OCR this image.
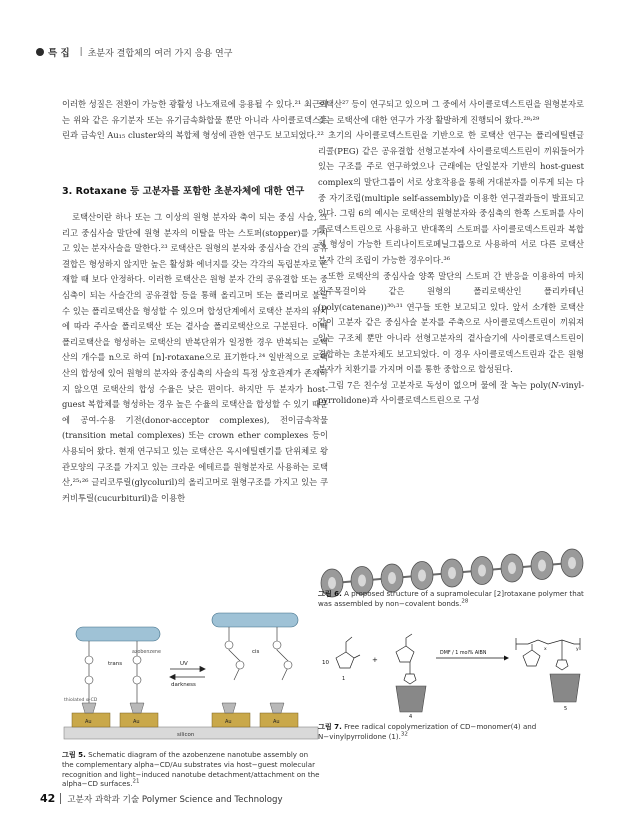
특 집 | 초분자 결합체의 여러 가지 응용 연구

이러한 성질은 전환이 가능한 광활성 나노재료에 응용될 수 있다.²¹ 최근에는 위와 같은 유기분자 또는 유기금속화합물 뿐만 아니라 사이클로덱스트린과 금속인 Au₁₅ cluster와의 복합체 형성에 관한 연구도 보고되었다.²²

3. Rotaxane 등 고분자를 포함한 초분자체에 대한 연구

로택산이란 하나 또는 그 이상의 원형 분자와 축이 되는 중심 사슬, 그리고 중심사슬 말단에 원형 분자의 이탈을 막는 스토퍼(stopper)를 가지고 있는 분자사슬을 말한다.²³ 로택산은 원형의 분자와 중심사슬 간의 공유결합은 형성하지 않지만 높은 활성화 에너지를 갖는 각각의 독립분자로 존재할 때 보다 안정하다. 이러한 로택산은 원형 분자 간의 공유결합 또는 중심축이 되는 사슬간의 공유결합 등을 통해 올리고머 또는 폴리머로 불릴 수 있는 폴리로택산을 형성할 수 있으며 합성단계에서 로택산 분자의 위치에 따라 주사슬 폴리로택산 또는 곁사슬 폴리로택산으로 구분된다. 이때 폴리로택산을 형성하는 로택산의 반복단위가 일정한 경우 반복되는 로택산의 개수를 n으로 하여 [n]-rotaxane으로 표기한다.²⁴ 일반적으로 로택산의 합성에 있어 원형의 분자와 중심축의 사슬의 특정 상호관계가 존재하지 않으면 로택산의 합성 수율은 낮은 편이다. 하지만 두 분자가 host-guest 복합체를 형성하는 경우 높은 수율의 로택산을 합성할 수 있기 때문에 공여-수용 기전(donor-acceptor complexes), 전이금속착물(transition metal complexes) 또는 crown ether complexes 등이 사용되어 왔다. 현재 연구되고 있는 로택산은 옥시에틸렌기를 단위체로 왕관모양의 구조를 가지고 있는 크라운 에테르를 원형분자로 사용하는 로택산,²⁵˒²⁶ 글리코루릴(glycoluril)의 올리고머로 원형구조를 가지고 있는 쿠커비투릴(cucurbituril)을 이용한

로택산²⁷ 등이 연구되고 있으며 그 중에서 사이클로덱스트린을 원형분자로 갖는 로택산에 대한 연구가 가장 활발하게 진행되어 왔다.²⁸˒²⁹

초기의 사이클로덱스트린을 기반으로 한 로택산 연구는 폴리에틸렌글리콜(PEG) 같은 공유결합 선형고분자에 사이클로덱스트린이 끼워들어가 있는 구조를 주로 연구하였으나 근래에는 단일분자 기반의 host-guest complex의 말단그룹이 서로 상호작용을 통해 거대분자를 이루게 되는 다중 자기조립(multiple self-assembly)을 이용한 연구결과들이 발표되고 있다. 그림 6의 예시는 로택산의 원형분자와 중심축의 한쪽 스토퍼를 사이클로덱스트린으로 사용하고 반대쪽의 스토퍼를 사이클로덱스트린과 복합체 형성이 가능한 트리나이트로페닐그룹으로 사용하여 서로 다른 로택산 분자 간의 조립이 가능한 경우이다.³⁶

또한 로택산의 중심사슬 양쪽 말단의 스토퍼 간 반응을 이용하여 마치 진주목걸이와 같은 원형의 폴리로택산인 폴리카테닌(poly(catenane))³⁰˒³¹ 연구들 또한 보고되고 있다. 앞서 소개한 로택산 같이 고분자 같은 중심사슬 분자를 주축으로 사이클로덱스트린이 끼워져 있는 구조체 뿐만 아니라 선형고분자의 곁사슬기에 사이클로덱스트린이 결합하는 초분자체도 보고되었다. 이 경우 사이클로덱스트린과 같은 원형분자가 치환기를 가지며 이를 통한 중합으로 합성된다.

그림 7은 친수성 고분자로 독성이 없으며 물에 잘 녹는 poly(N-vinyl-pyrrolidone)과 사이클로덱스트린으로 구성

silicon
Au	Au	Au	Au
trans
cis
azobenzene
thiolated α-CD
UV
darkness
그림 5. Schematic diagram of the azobenzene nanotube assembly on the complementary alpha−CD/Au substrates via host−guest molecular recognition and light−induced nanotube detachment/attachment on the alpha−CD surfaces.$^{21}$
그림 6. A proposed structure of a supramolecular [2]rotaxane polymer that was assembled by non−covalent bonds.$^{28}$
10
1
+
4
DMF / 1 mol% AIBN
x	y
5
그림 7. Free radical copolymerization of CD−monomer(4) and N−vinylpyrrolidone (1).$^{32}$
42 고분자 과학과 기술 Polymer Science and Technology
